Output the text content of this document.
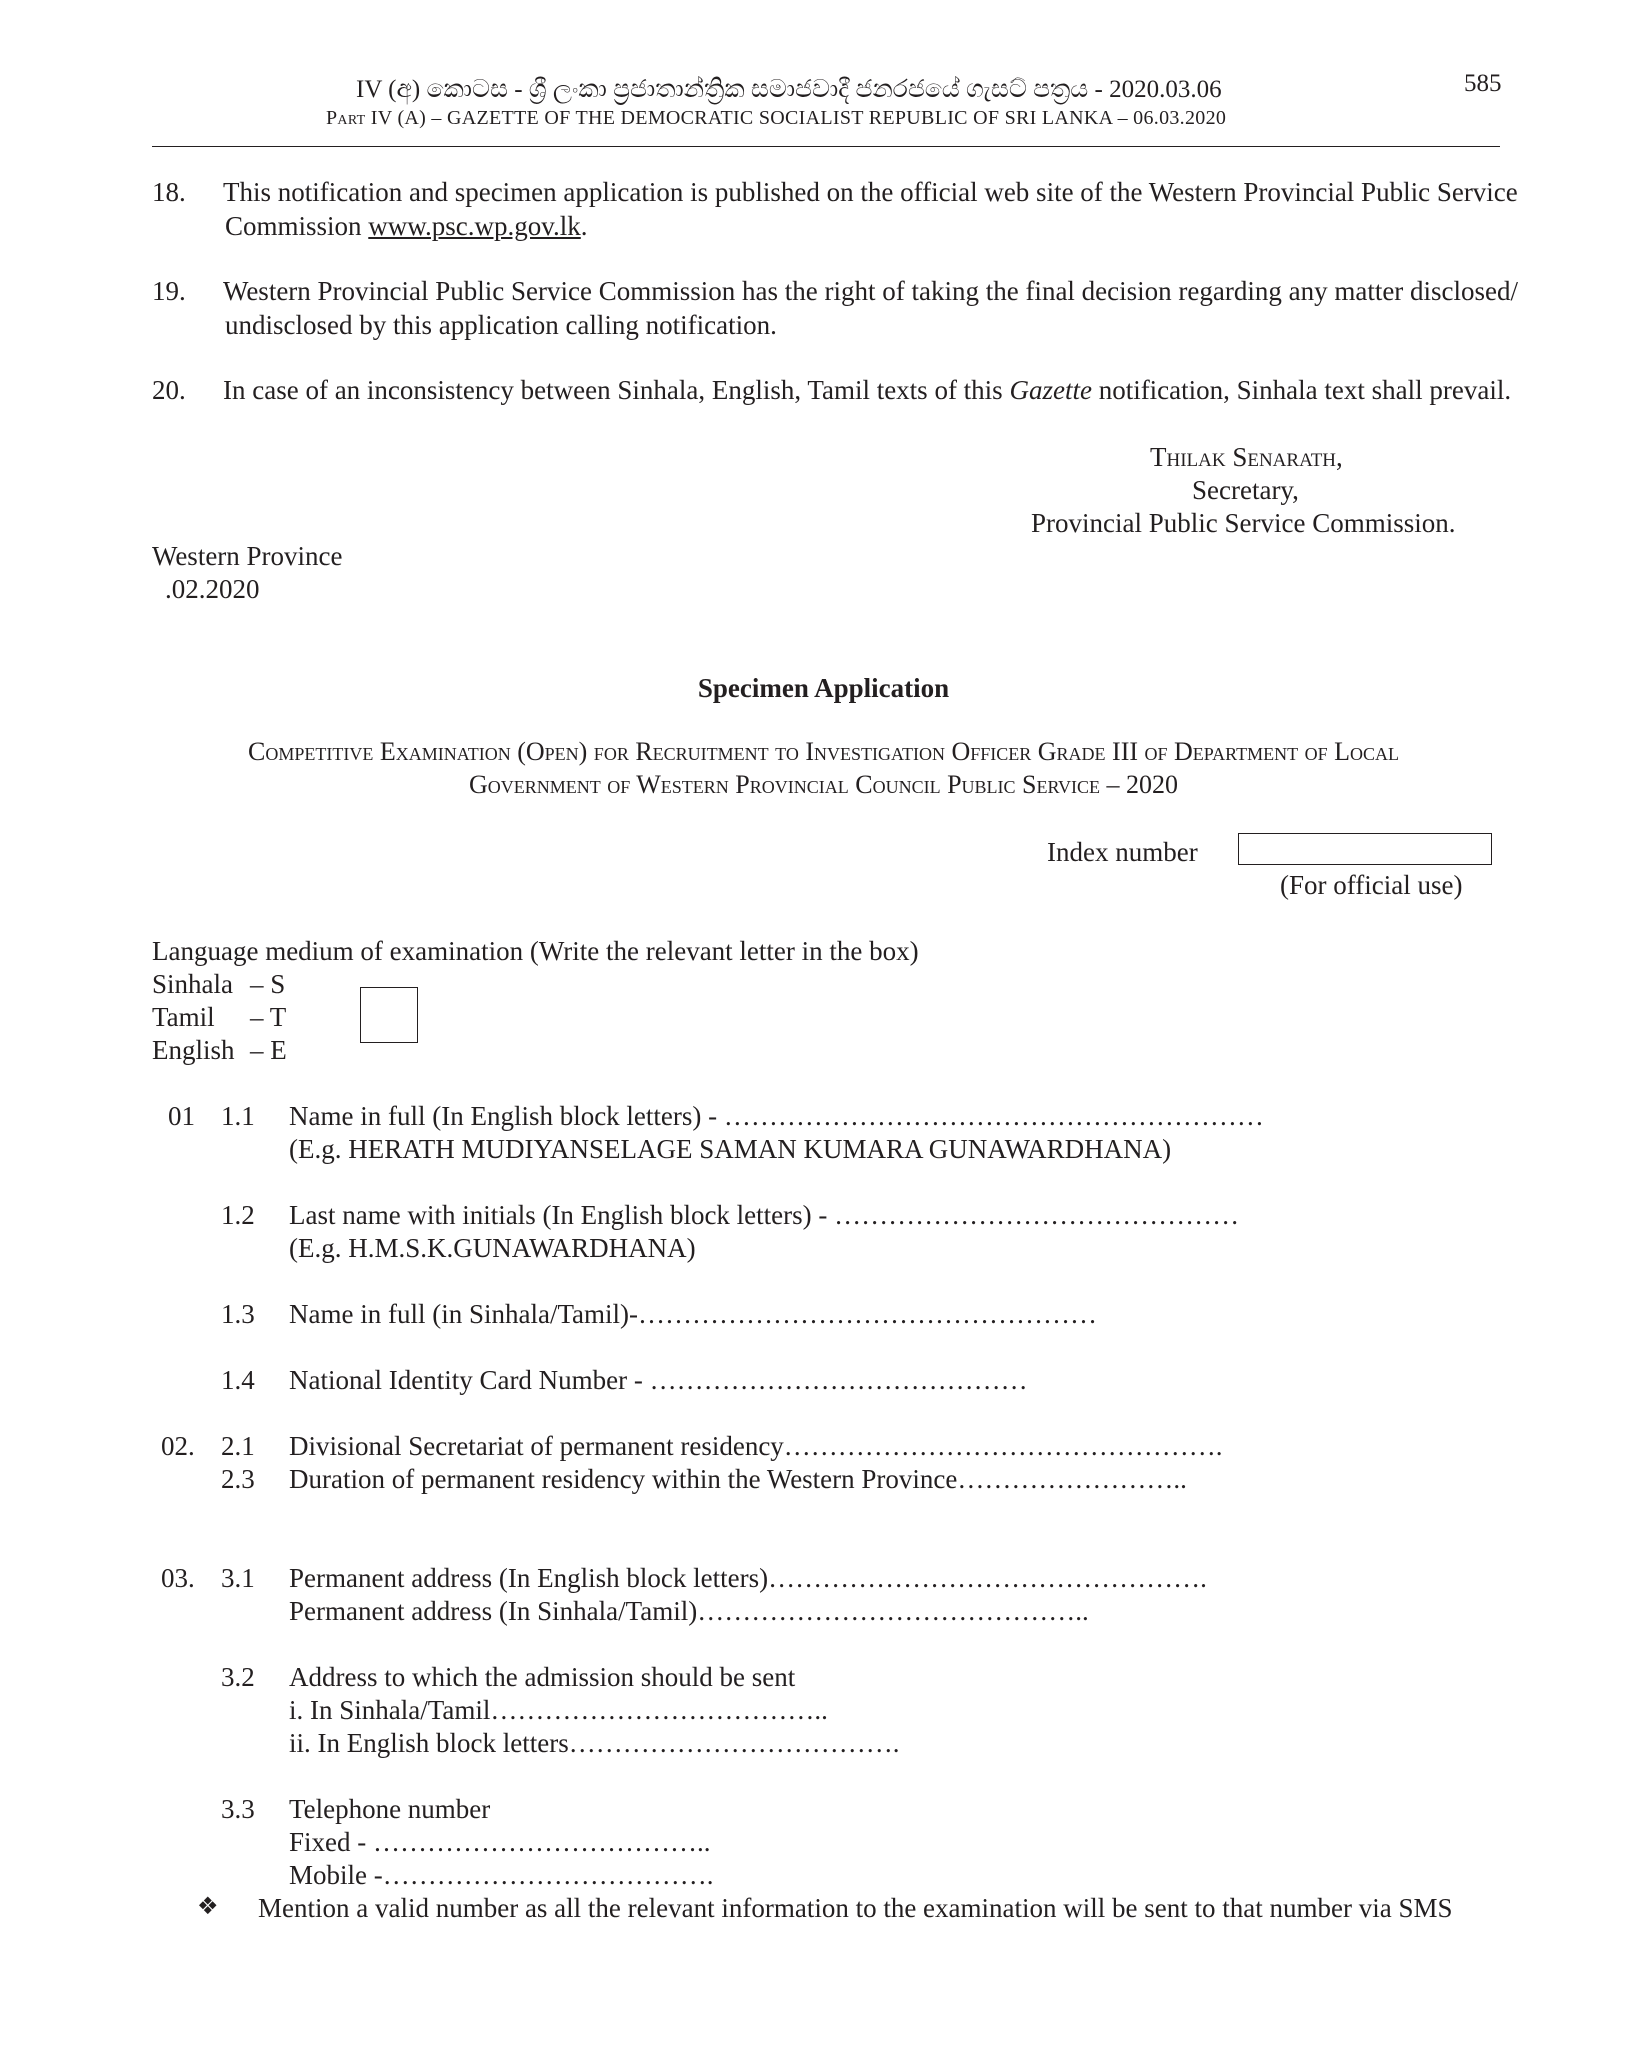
IV (අ) කොටස - ශ්‍රී ලංකා ප්‍රජාතාන්ත්‍රික සමාජවාදී ජනරජයේ ගැසට් පත්‍රය - 2020.03.06	585
Part IV (A) – GAZETTE OF THE DEMOCRATIC SOCIALIST REPUBLIC OF SRI LANKA – 06.03.2020
18. This notification and specimen application is published on the official web site of the Western Provincial Public Service
Commission www.psc.wp.gov.lk.
19. Western Provincial Public Service Commission has the right of taking the final decision regarding any matter disclosed/
undisclosed by this application calling notification.
20. In case of an inconsistency between Sinhala, English, Tamil texts of this Gazette notification, Sinhala text shall prevail.
Thilak Senarath,
Secretary,
Provincial Public Service Commission.
Western Province
.02.2020
Specimen Application
Competitive Examination (Open) for Recruitment to Investigation Officer Grade III of Department of Local
Government of Western Provincial Council Public Service – 2020
Index number
(For official use)
Language medium of examination (Write the relevant letter in the box)
Sinhala – S
Tamil – T
English – E
01 1.1 Name in full (In English block letters) - ……………………………………………………
(E.g. HERATH MUDIYANSELAGE SAMAN KUMARA GUNAWARDHANA)
1.2 Last name with initials (In English block letters) - ………………………………………
(E.g. H.M.S.K.GUNAWARDHANA)
1.3 Name in full (in Sinhala/Tamil)-……………………………………………
1.4 National Identity Card Number - ……………………………………
02. 2.1 Divisional Secretariat of permanent residency………………………………………….
2.3 Duration of permanent residency within the Western Province……………………..
03. 3.1 Permanent address (In English block letters)………………………………………….
Permanent address (In Sinhala/Tamil)……………………………………..
3.2 Address to which the admission should be sent
i. In Sinhala/Tamil………………………………..
ii. In English block letters……………………………….
3.3 Telephone number
Fixed - ………………………………..
Mobile -……………………………….
❖ Mention a valid number as all the relevant information to the examination will be sent to that number via SMS
